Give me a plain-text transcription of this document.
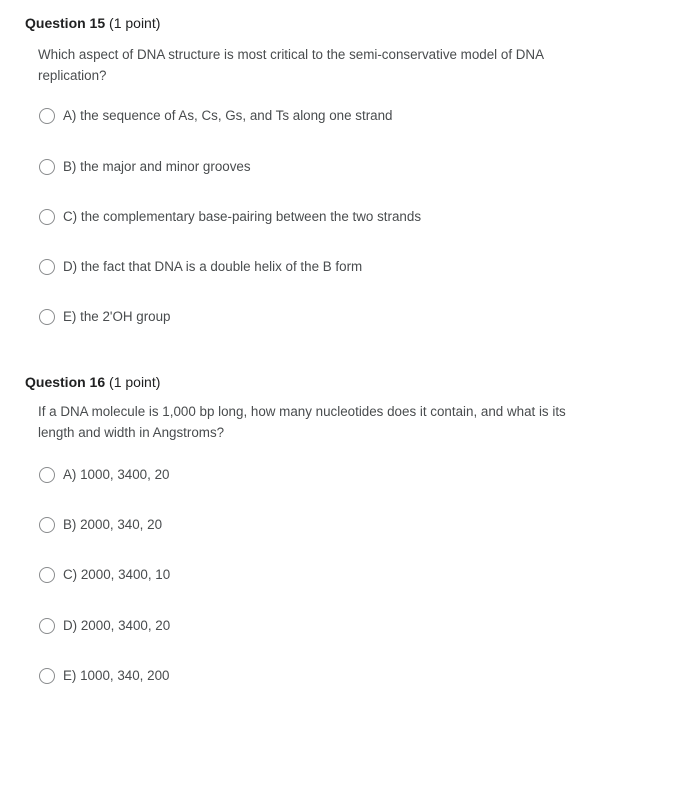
Question 15 (1 point)
Which aspect of DNA structure is most critical to the semi-conservative model of DNA replication?
A) the sequence of As, Cs, Gs, and Ts along one strand
B) the major and minor grooves
C) the complementary base-pairing between the two strands
D) the fact that DNA is a double helix of the B form
E) the 2'OH group
Question 16 (1 point)
If a DNA molecule is 1,000 bp long, how many nucleotides does it contain, and what is its length and width in Angstroms?
A) 1000, 3400, 20
B) 2000, 340, 20
C) 2000, 3400, 10
D) 2000, 3400, 20
E) 1000, 340, 200
